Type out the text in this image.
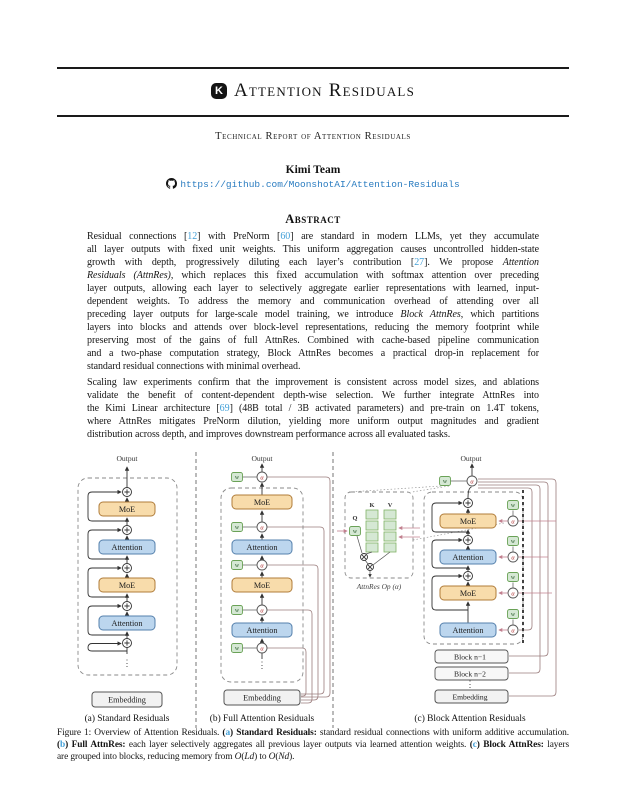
K Attention Residuals
Technical Report of Attention Residuals
Kimi Team
https://github.com/MoonshotAI/Attention-Residuals
Abstract
Residual connections [12] with PreNorm [60] are standard in modern LLMs, yet they accumulate
all layer outputs with fixed unit weights. This uniform aggregation causes uncontrolled hidden-state
growth with depth, progressively diluting each layer’s contribution [27]. We propose Attention
Residuals (AttnRes), which replaces this fixed accumulation with softmax attention over preceding
layer outputs, allowing each layer to selectively aggregate earlier representations with learned, input-
dependent weights. To address the memory and communication overhead of attending over all
preceding layer outputs for large-scale model training, we introduce Block AttnRes, which partitions
layers into blocks and attends over block-level representations, reducing the memory footprint while
preserving most of the gains of full AttnRes. Combined with cache-based pipeline communication
and a two-phase computation strategy, Block AttnRes becomes a practical drop-in replacement for
standard residual connections with minimal overhead.
Scaling law experiments confirm that the improvement is consistent across model sizes, and ablations
validate the benefit of content-dependent depth-wise selection. We further integrate AttnRes into
the Kimi Linear architecture [69] (48B total / 3B activated parameters) and pre-train on 1.4T tokens,
where AttnRes mitigates PreNorm dilution, yielding more uniform output magnitudes and gradient
distribution across depth, and improves downstream performance across all evaluated tasks.
Output
MoE
Attention
MoE
Attention
⋮
Embedding
(a) Standard Residuals
Output
MoE
Attention
MoE
Attention
⋮
Embedding
(b) Full Attention Residuals
Q
K V
AttnRes Op (α)
Output
MoE
Attention
MoE
Attention
Block n−1
Block n−2
⋮
Embedding
(c) Block Attention Residuals
Figure 1: Overview of Attention Residuals. (a) Standard Residuals: standard residual connections with uniform additive accumulation.
(b) Full AttnRes: each layer selectively aggregates all previous layer outputs via learned attention weights. (c) Block AttnRes: layers
are grouped into blocks, reducing memory from O(Ld) to O(Nd).
